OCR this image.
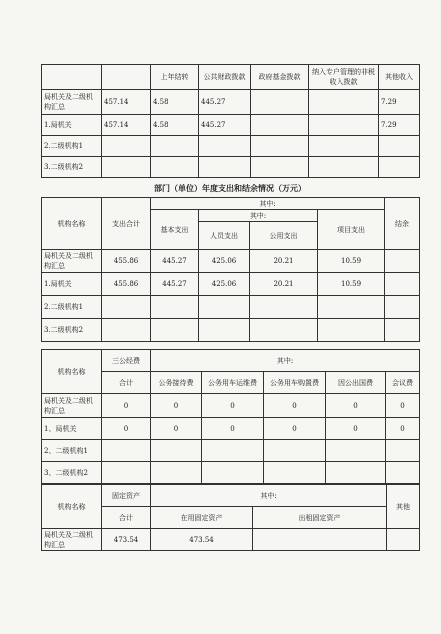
		上年结转	公共财政拨款	政府基金拨款	纳入专户管理的非税收入拨款	其他收入
局机关及二级机构汇总	457.14	4.58	445.27			7.29
1.局机关	457.14	4.58	445.27			7.29
2.二级机构1						
3.二级机构2						
部门（单位）年度支出和结余情况（万元）
机构名称	支出合计	其中:				结余
		基本支出	其中:		项目支出	
			人员支出	公用支出		
局机关及二级机构汇总	455.86	445.27	425.06	20.21	10.59	
1.局机关	455.86	445.27	425.06	20.21	10.59	
2.二级机构1						
3.二级机构2						
机构名称	三公经费	其中:				
	合计	公务接待费	公务用车运维费	公务用车购置费	因公出国费	会议费
局机关及二级机构汇总	0	0	0	0	0	0
1、局机关	0	0	0	0	0	0
2、二级机构1						
3、二级机构2						
机构名称	固定资产	其中:		其他
	合计	在用固定资产	出租固定资产	
局机关及二级机构汇总	473.54	473.54		
